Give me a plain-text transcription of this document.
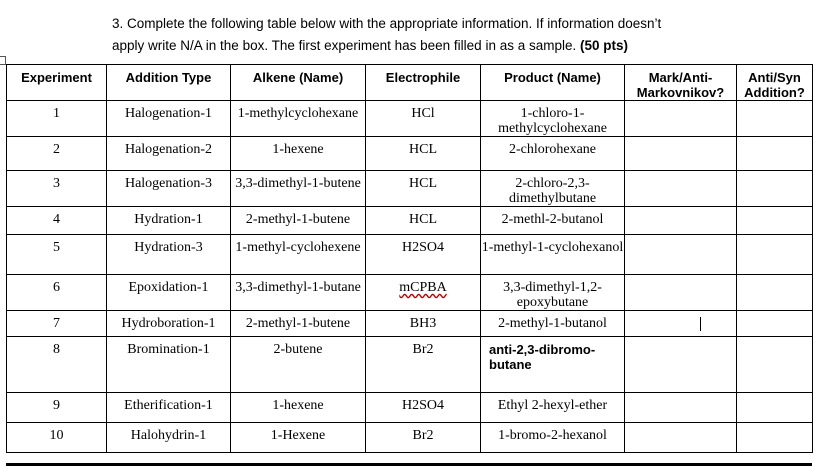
3. Complete the following table below with the appropriate information. If information doesn’t
apply write N/A in the box. The first experiment has been filled in as a sample. (50 pts)
Experiment	Addition Type	Alkene (Name)	Electrophile	Product (Name)	Mark/Anti-Markovnikov?	Anti/Syn Addition?
1	Halogenation-1	1-methylcyclohexane	HCl	1-chloro-1-methylcyclohexane		
2	Halogenation-2	1-hexene	HCL	2-chlorohexane		
3	Halogenation-3	3,3-dimethyl-1-butene	HCL	2-chloro-2,3-dimethylbutane		
4	Hydration-1	2-methyl-1-butene	HCL	2-methl-2-butanol		
5	Hydration-3	1-methyl-cyclohexene	H2SO4	1-methyl-1-cyclohexanol		
6	Epoxidation-1	3,3-dimethyl-1-butane	mCPBA	3,3-dimethyl-1,2-epoxybutane		
7	Hydroboration-1	2-methyl-1-butene	BH3	2-methyl-1-butanol		
8	Bromination-1	2-butene	Br2	anti-2,3-dibromo-butane		
9	Etherification-1	1-hexene	H2SO4	Ethyl 2-hexyl-ether		
10	Halohydrin-1	1-Hexene	Br2	1-bromo-2-hexanol		
